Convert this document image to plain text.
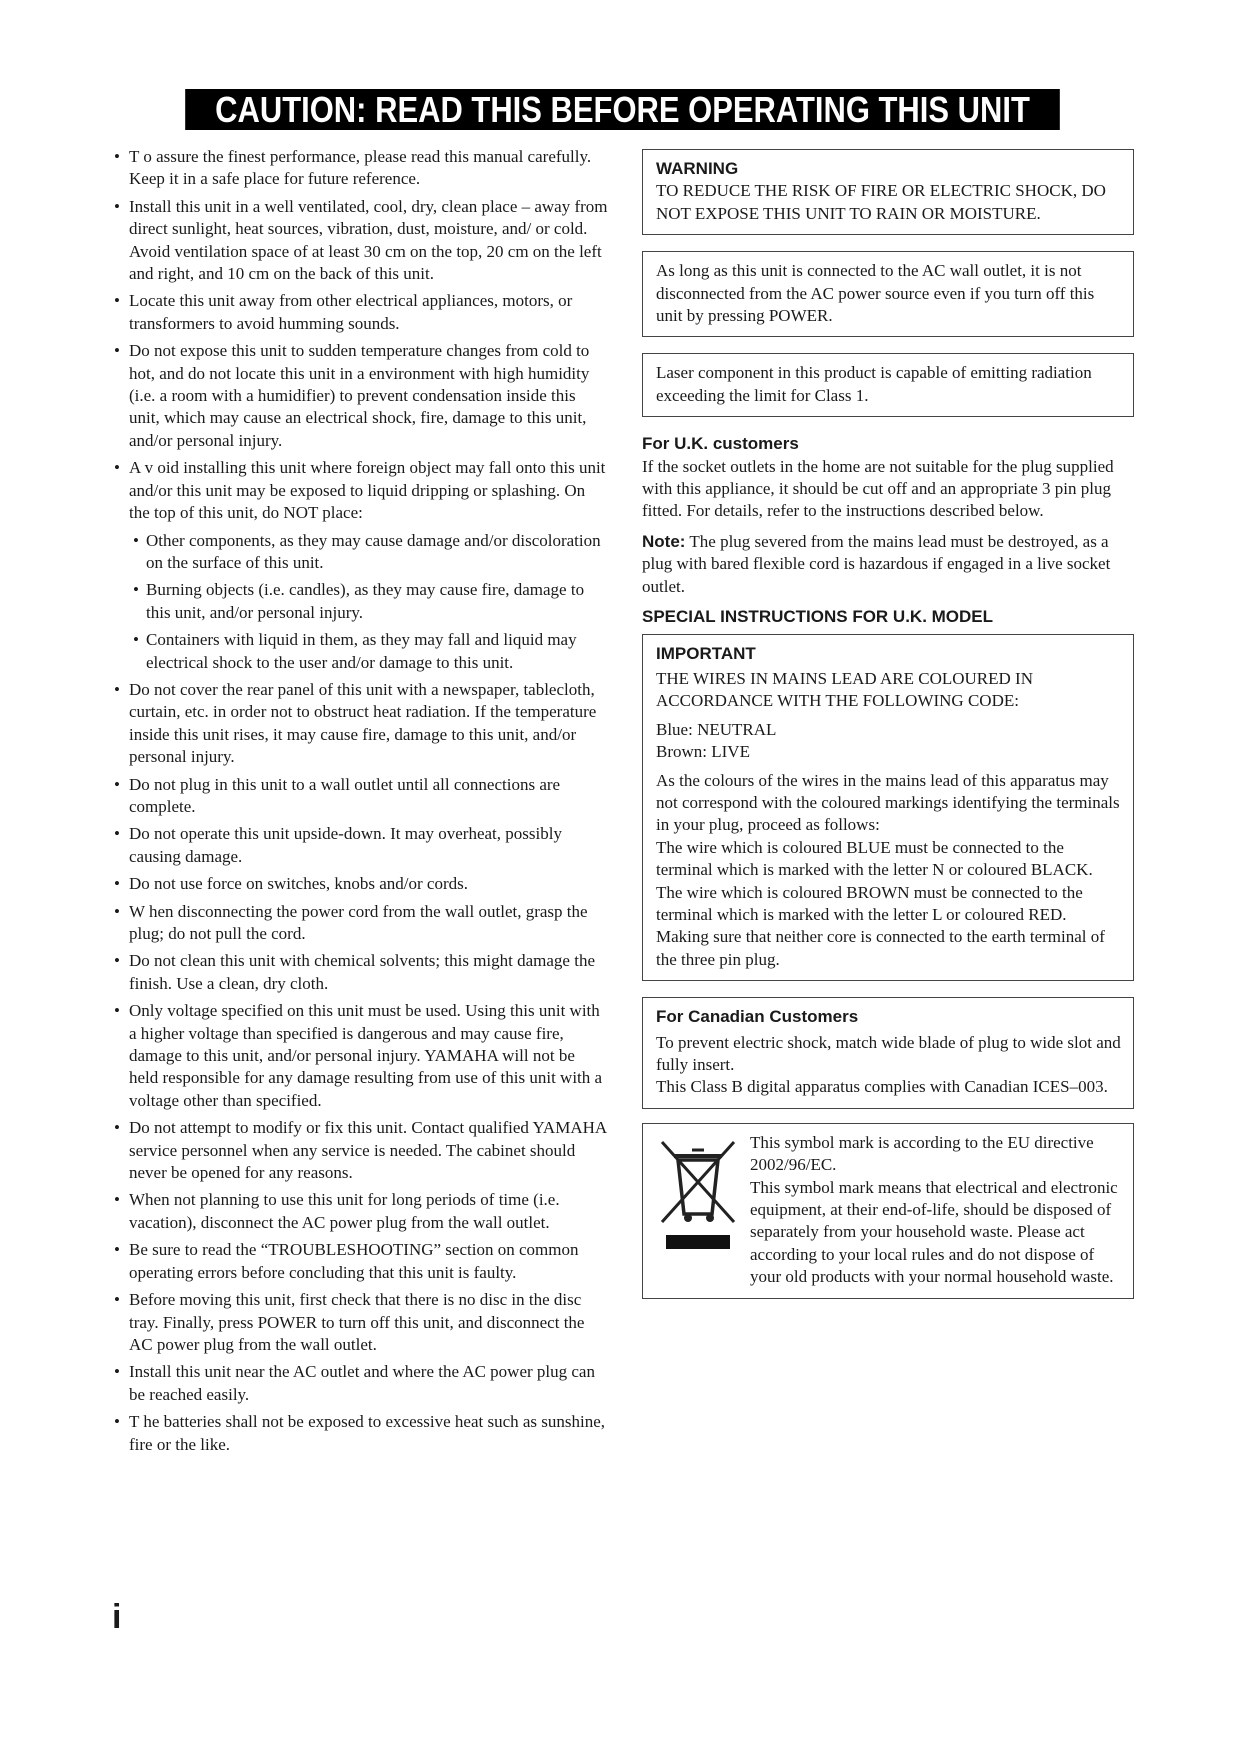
CAUTION: READ THIS BEFORE OPERATING THIS UNIT
• T o assure the finest performance, please read this manual carefully. Keep it in a safe place for future reference.
• Install this unit in a well ventilated, cool, dry, clean place – away from direct sunlight, heat sources, vibration, dust, moisture, and/ or cold. Avoid ventilation space of at least 30 cm on the top, 20 cm on the left and right, and 10 cm on the back of this unit.
• Locate this unit away from other electrical appliances, motors, or transformers to avoid humming sounds.
• Do not expose this unit to sudden temperature changes from cold to hot, and do not locate this unit in a environment with high humidity (i.e. a room with a humidifier) to prevent condensation inside this unit, which may cause an electrical shock, fire, damage to this unit, and/or personal injury.
• A v oid installing this unit where foreign object may fall onto this unit and/or this unit may be exposed to liquid dripping or splashing. On the top of this unit, do NOT place:
• Other components, as they may cause damage and/or discoloration on the surface of this unit.
• Burning objects (i.e. candles), as they may cause fire, damage to this unit, and/or personal injury.
• Containers with liquid in them, as they may fall and liquid may electrical shock to the user and/or damage to this unit.
• Do not cover the rear panel of this unit with a newspaper, tablecloth, curtain, etc. in order not to obstruct heat radiation. If the temperature inside this unit rises, it may cause fire, damage to this unit, and/or personal injury.
• Do not plug in this unit to a wall outlet until all connections are complete.
• Do not operate this unit upside-down. It may overheat, possibly causing damage.
• Do not use force on switches, knobs and/or cords.
• W hen disconnecting the power cord from the wall outlet, grasp the plug; do not pull the cord.
• Do not clean this unit with chemical solvents; this might damage the finish. Use a clean, dry cloth.
• Only voltage specified on this unit must be used. Using this unit with a higher voltage than specified is dangerous and may cause fire, damage to this unit, and/or personal injury. YAMAHA will not be held responsible for any damage resulting from use of this unit with a voltage other than specified.
• Do not attempt to modify or fix this unit. Contact qualified YAMAHA service personnel when any service is needed. The cabinet should never be opened for any reasons.
• When not planning to use this unit for long periods of time (i.e. vacation), disconnect the AC power plug from the wall outlet.
• Be sure to read the “TROUBLESHOOTING” section on common operating errors before concluding that this unit is faulty.
• Before moving this unit, first check that there is no disc in the disc tray. Finally, press POWER to turn off this unit, and disconnect the AC power plug from the wall outlet.
• Install this unit near the AC outlet and where the AC power plug can be reached easily.
• T he batteries shall not be exposed to excessive heat such as sunshine, fire or the like.
WARNING

TO REDUCE THE RISK OF FIRE OR ELECTRIC SHOCK, DO NOT EXPOSE THIS UNIT TO RAIN OR MOISTURE.

As long as this unit is connected to the AC wall outlet, it is not disconnected from the AC power source even if you turn off this unit by pressing POWER.

Laser component in this product is capable of emitting radiation exceeding the limit for Class 1.

For U.K. customers

If the socket outlets in the home are not suitable for the plug supplied with this appliance, it should be cut off and an appropriate 3 pin plug fitted. For details, refer to the instructions described below.

Note: The plug severed from the mains lead must be destroyed, as a plug with bared flexible cord is hazardous if engaged in a live socket outlet.

SPECIAL INSTRUCTIONS FOR U.K. MODEL
IMPORTANT

THE WIRES IN MAINS LEAD ARE COLOURED IN ACCORDANCE WITH THE FOLLOWING CODE:

Blue: NEUTRAL

Brown: LIVE

As the colours of the wires in the mains lead of this apparatus may not correspond with the coloured markings identifying the terminals in your plug, proceed as follows:

The wire which is coloured BLUE must be connected to the terminal which is marked with the letter N or coloured BLACK.

The wire which is coloured BROWN must be connected to the terminal which is marked with the letter L or coloured RED.

Making sure that neither core is connected to the earth terminal of the three pin plug.

For Canadian Customers

To prevent electric shock, match wide blade of plug to wide slot and fully insert.

This Class B digital apparatus complies with Canadian ICES–003.

This symbol mark is according to the EU directive 2002/96/EC.

This symbol mark means that electrical and electronic equipment, at their end-of-life, should be disposed of separately from your household waste. Please act according to your local rules and do not dispose of your old products with your normal household waste.

i
